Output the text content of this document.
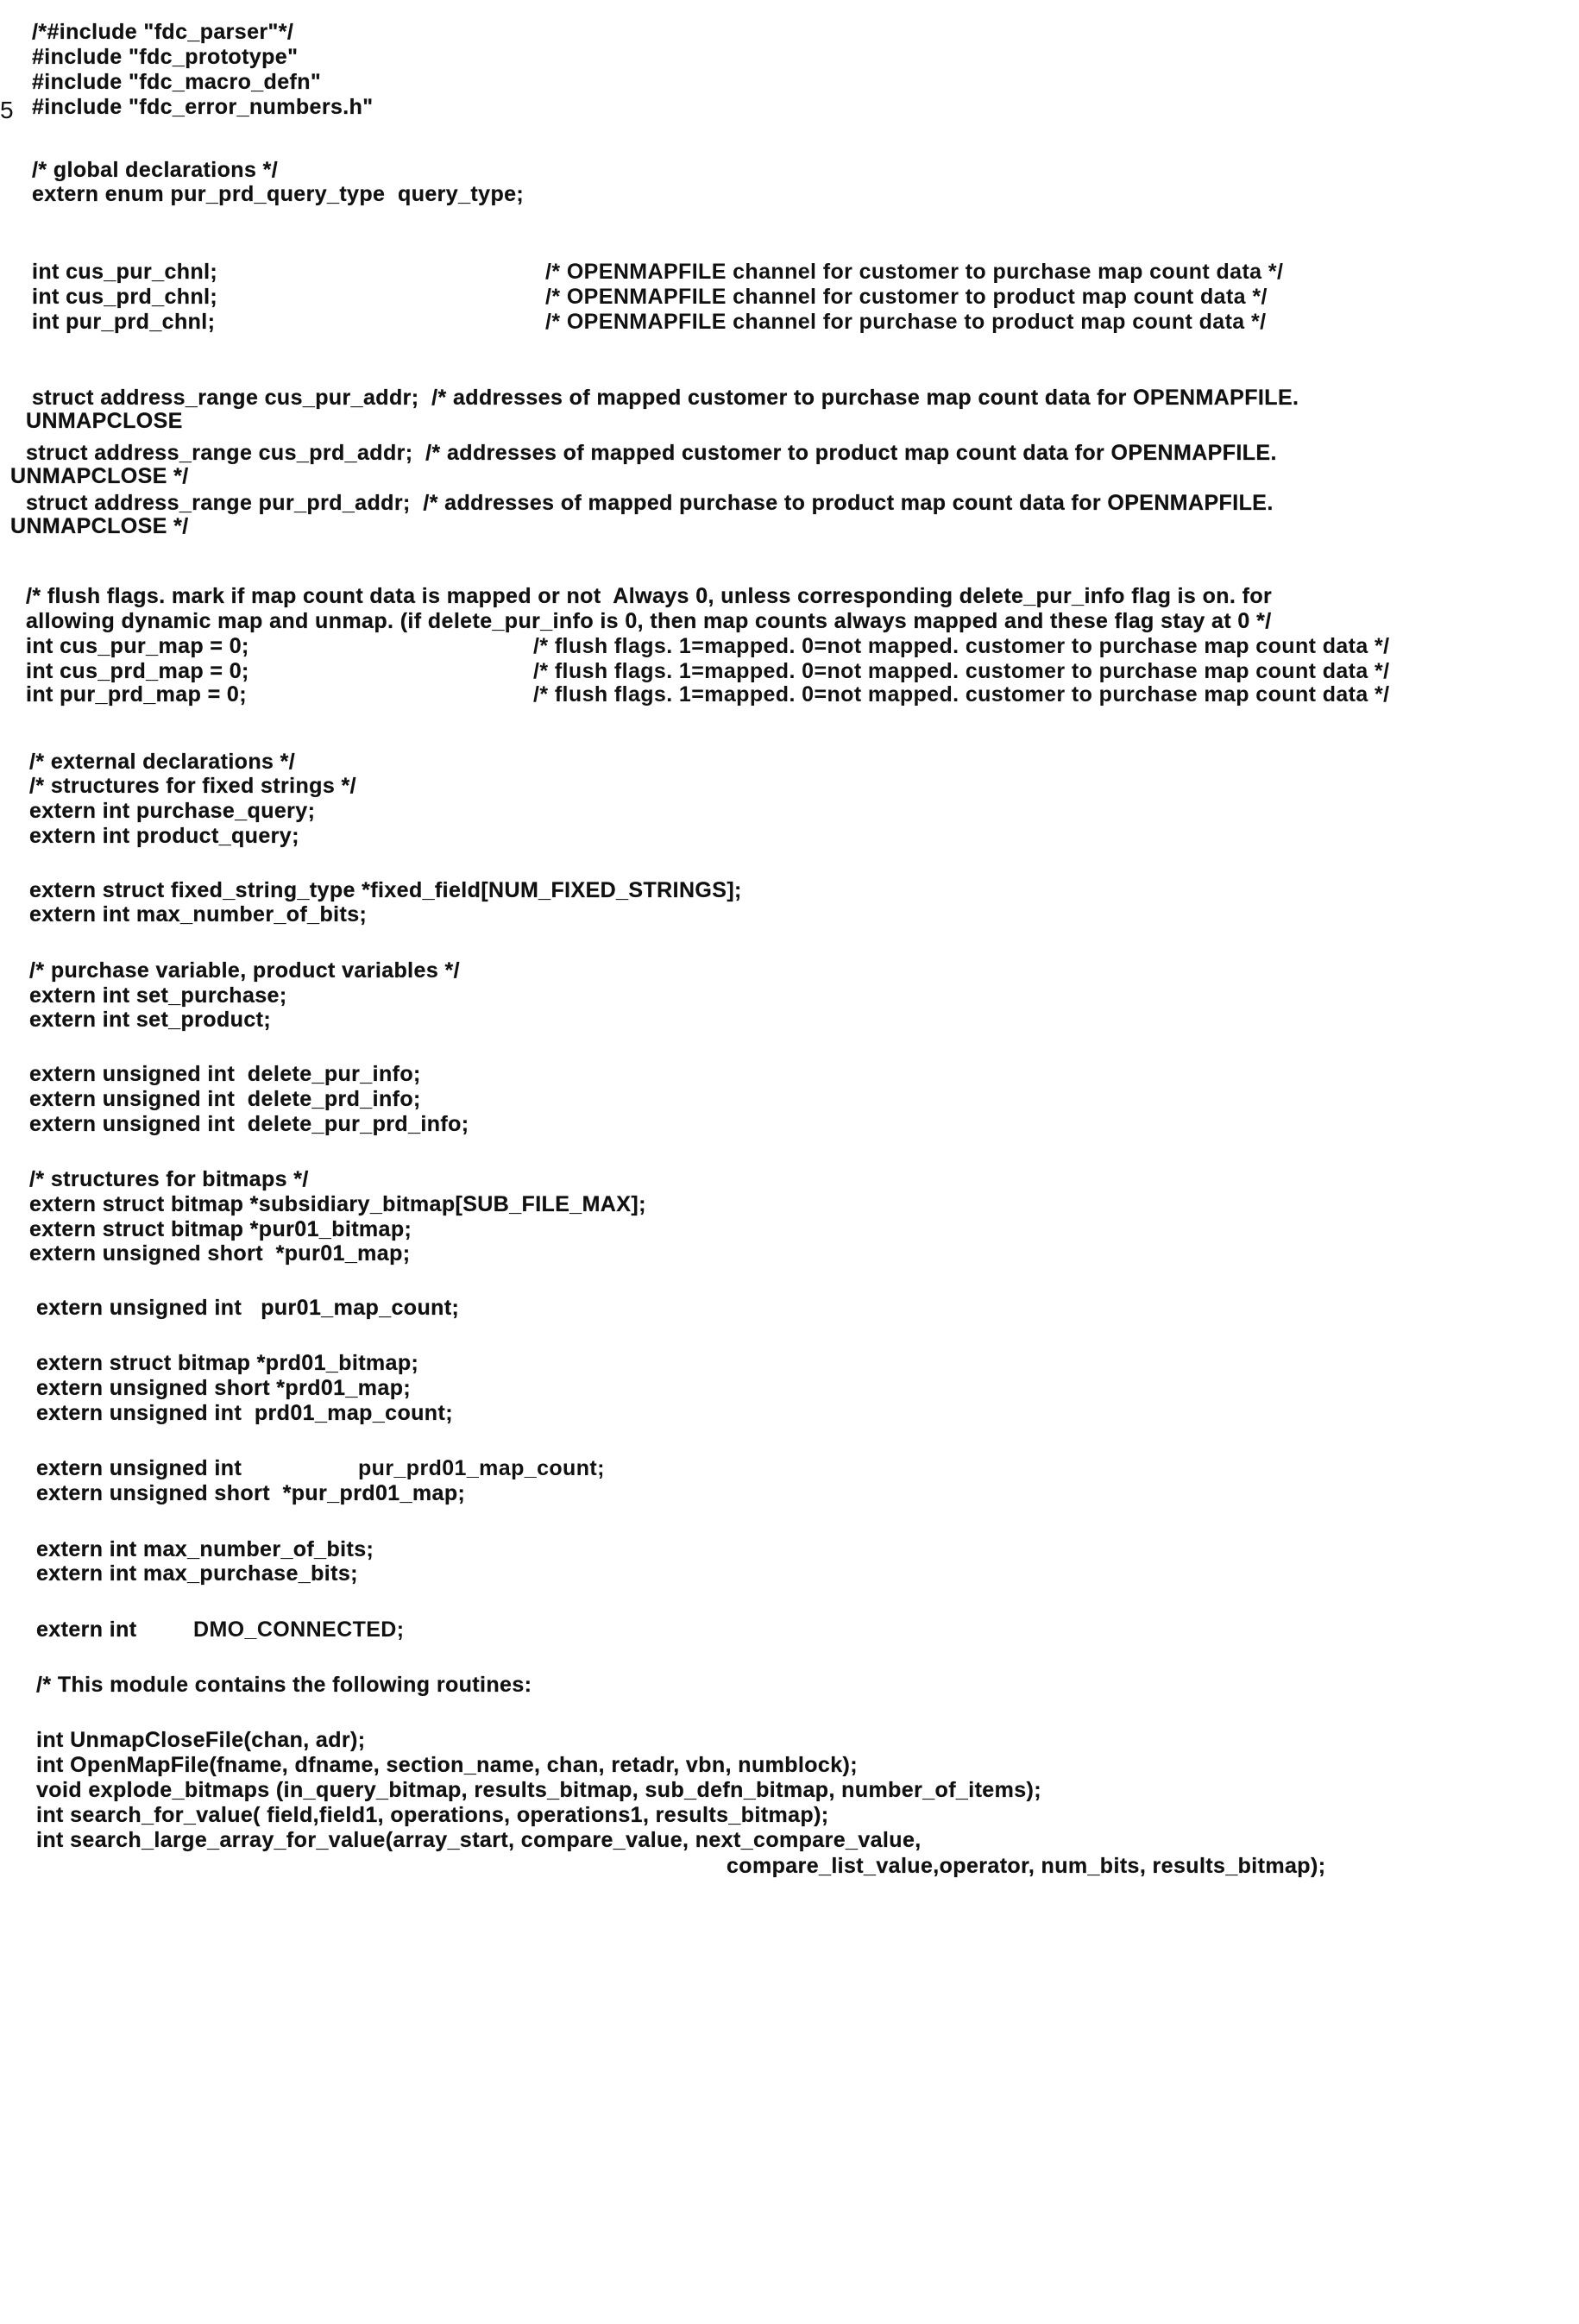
5
/*#include "fdc_parser"*/
#include "fdc_prototype"
#include "fdc_macro_defn"
#include "fdc_error_numbers.h"
/* global declarations */
extern enum pur_prd_query_type  query_type;
int cus_pur_chnl;	/* OPENMAPFILE channel for customer to purchase map count data */
int cus_prd_chnl;	/* OPENMAPFILE channel for customer to product map count data */
int pur_prd_chnl;	/* OPENMAPFILE channel for purchase to product map count data */
struct address_range cus_pur_addr;  /* addresses of mapped customer to purchase map count data for OPENMAPFILE.
UNMAPCLOSE
struct address_range cus_prd_addr;  /* addresses of mapped customer to product map count data for OPENMAPFILE.
UNMAPCLOSE */
struct address_range pur_prd_addr;  /* addresses of mapped purchase to product map count data for OPENMAPFILE.
UNMAPCLOSE */
/* flush flags. mark if map count data is mapped or not  Always 0, unless corresponding delete_pur_info flag is on. for
allowing dynamic map and unmap. (if delete_pur_info is 0, then map counts always mapped and these flag stay at 0 */
int cus_pur_map = 0;	/* flush flags. 1=mapped. 0=not mapped. customer to purchase map count data */
int cus_prd_map = 0;	/* flush flags. 1=mapped. 0=not mapped. customer to purchase map count data */
int pur_prd_map = 0;	/* flush flags. 1=mapped. 0=not mapped. customer to purchase map count data */
/* external declarations */
/* structures for fixed strings */
extern int purchase_query;
extern int product_query;
extern struct fixed_string_type *fixed_field[NUM_FIXED_STRINGS];
extern int max_number_of_bits;
/* purchase variable, product variables */
extern int set_purchase;
extern int set_product;
extern unsigned int  delete_pur_info;
extern unsigned int  delete_prd_info;
extern unsigned int  delete_pur_prd_info;
/* structures for bitmaps */
extern struct bitmap *subsidiary_bitmap[SUB_FILE_MAX];
extern struct bitmap *pur01_bitmap;
extern unsigned short  *pur01_map;
extern unsigned int   pur01_map_count;
extern struct bitmap *prd01_bitmap;
extern unsigned short *prd01_map;
extern unsigned int  prd01_map_count;
extern unsigned int	pur_prd01_map_count;
extern unsigned short  *pur_prd01_map;
extern int max_number_of_bits;
extern int max_purchase_bits;
extern int	DMO_CONNECTED;
/* This module contains the following routines:
int UnmapCloseFile(chan, adr);
int OpenMapFile(fname, dfname, section_name, chan, retadr, vbn, numblock);
void explode_bitmaps (in_query_bitmap, results_bitmap, sub_defn_bitmap, number_of_items);
int search_for_value( field,field1, operations, operations1, results_bitmap);
int search_large_array_for_value(array_start, compare_value, next_compare_value,
compare_list_value,operator, num_bits, results_bitmap);
